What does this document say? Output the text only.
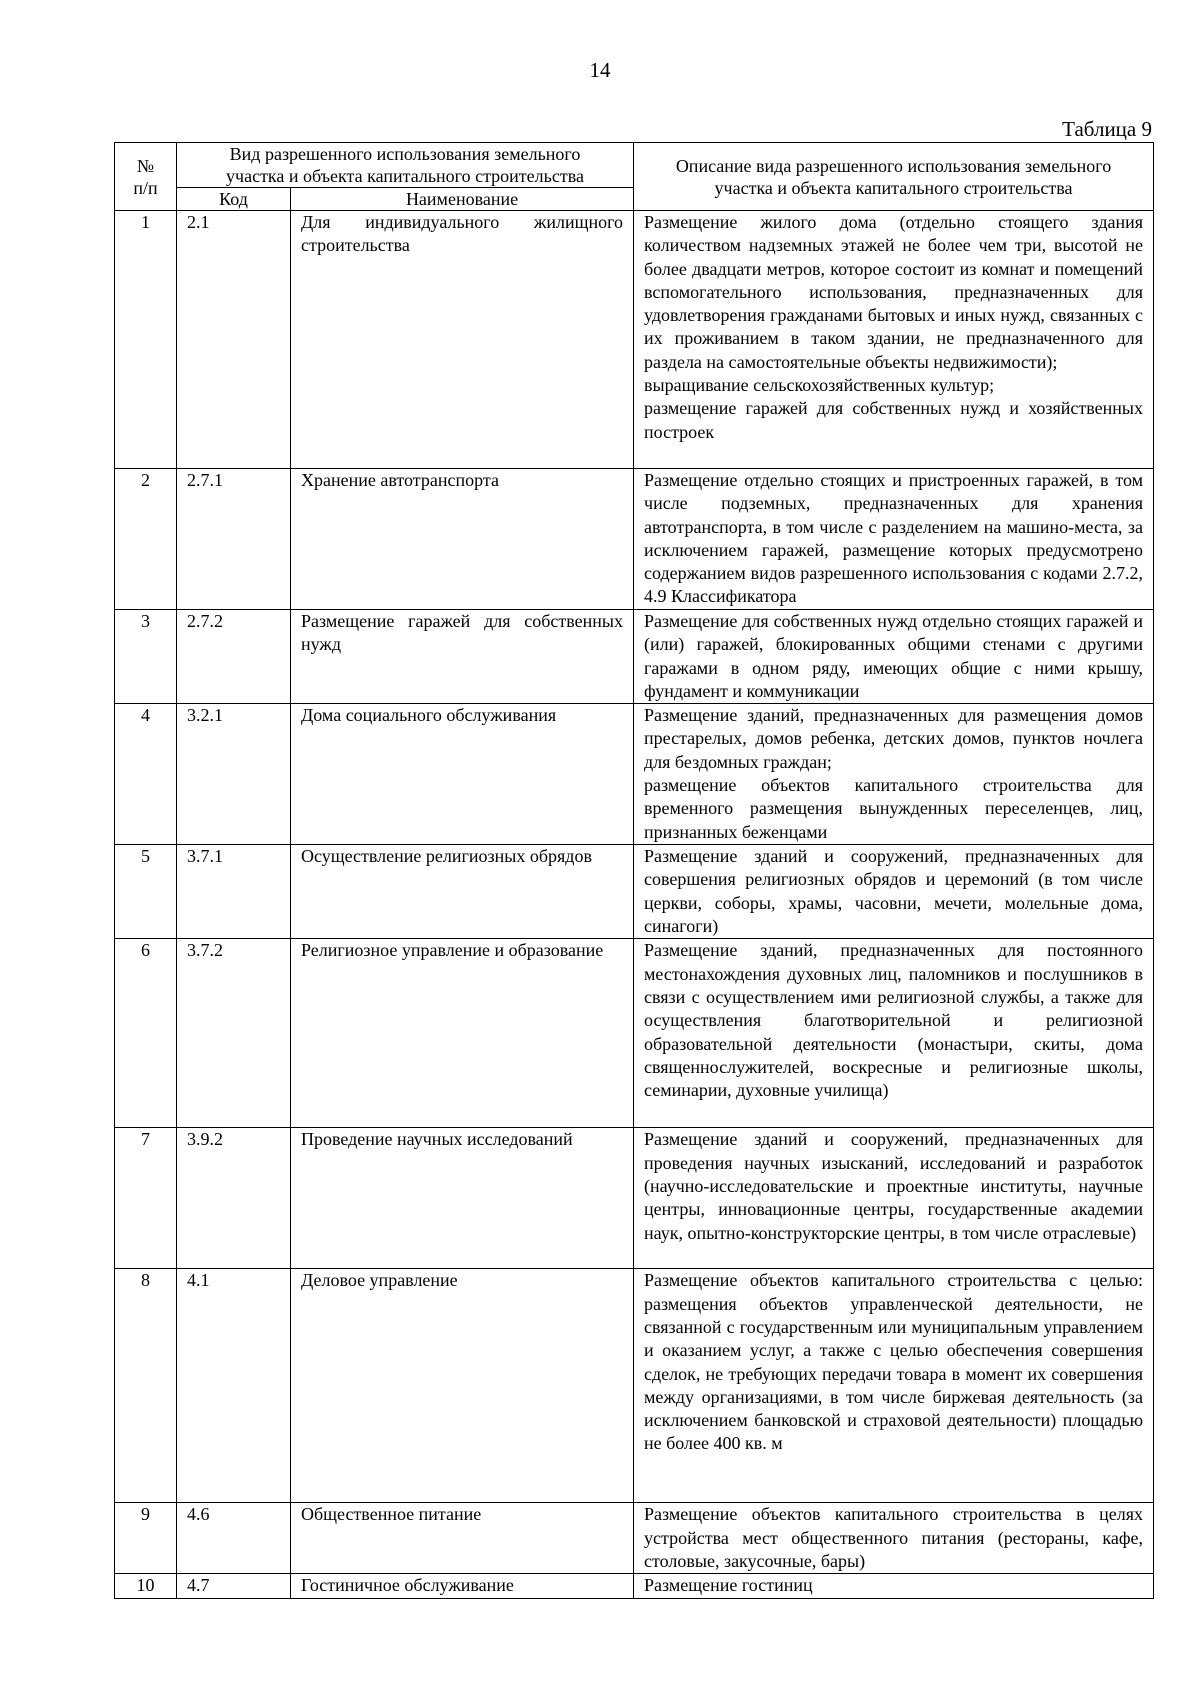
14
Таблица 9
№ п/п	Вид разрешенного использования земельного участка и объекта капитального строительства		Описание вида разрешенного использования земельного участка и объекта капитального строительства
	Код	Наименование	
1	2.1	Для индивидуального жилищного строительства	Размещение жилого дома (отдельно стоящего здания количеством надземных этажей не более чем три, высотой не более двадцати метров, которое состоит из комнат и помещений вспомогательного использования, предназначенных для удовлетворения гражданами бытовых и иных нужд, связанных с их проживанием в таком здании, не предназначенного для раздела на самостоятельные объекты недвижимости);
выращивание сельскохозяйственных культур;
размещение гаражей для собственных нужд и хозяйственных построек

2	2.7.1	Хранение автотранспорта	Размещение отдельно стоящих и пристроенных гаражей, в том числе подземных, предназначенных для хранения автотранспорта, в том числе с разделением на машино-места, за исключением гаражей, размещение которых предусмотрено содержанием видов разрешенного использования с кодами 2.7.2, 4.9 Классификатора

3	2.7.2	Размещение гаражей для собственных нужд	Размещение для собственных нужд отдельно стоящих гаражей и (или) гаражей, блокированных общими стенами с другими гаражами в одном ряду, имеющих общие с ними крышу, фундамент и коммуникации

4	3.2.1	Дома социального обслуживания	Размещение зданий, предназначенных для размещения домов престарелых, домов ребенка, детских домов, пунктов ночлега для бездомных граждан;
размещение объектов капитального строительства для временного размещения вынужденных переселенцев, лиц, признанных беженцами

5	3.7.1	Осуществление религиозных обрядов	Размещение зданий и сооружений, предназначенных для совершения религиозных обрядов и церемоний (в том числе церкви, соборы, храмы, часовни, мечети, молельные дома, синагоги)

6	3.7.2	Религиозное управление и образование	Размещение зданий, предназначенных для постоянного местонахождения духовных лиц, паломников и послушников в связи с осуществлением ими религиозной службы, а также для осуществления благотворительной и религиозной образовательной деятельности (монастыри, скиты, дома священнослужителей, воскресные и религиозные школы, семинарии, духовные училища)

7	3.9.2	Проведение научных исследований	Размещение зданий и сооружений, предназначенных для проведения научных изысканий, исследований и разработок (научно-исследовательские и проектные институты, научные центры, инновационные центры, государственные академии наук, опытно-конструкторские центры, в том числе отраслевые)

8	4.1	Деловое управление	Размещение объектов капитального строительства с целью: размещения объектов управленческой деятельности, не связанной с государственным или муниципальным управлением и оказанием услуг, а также с целью обеспечения совершения сделок, не требующих передачи товара в момент их совершения между организациями, в том числе биржевая деятельность (за исключением банковской и страховой деятельности) площадью не более 400 кв. м

9	4.6	Общественное питание	Размещение объектов капитального строительства в целях устройства мест общественного питания (рестораны, кафе, столовые, закусочные, бары)

10	4.7	Гостиничное обслуживание	Размещение гостиниц
